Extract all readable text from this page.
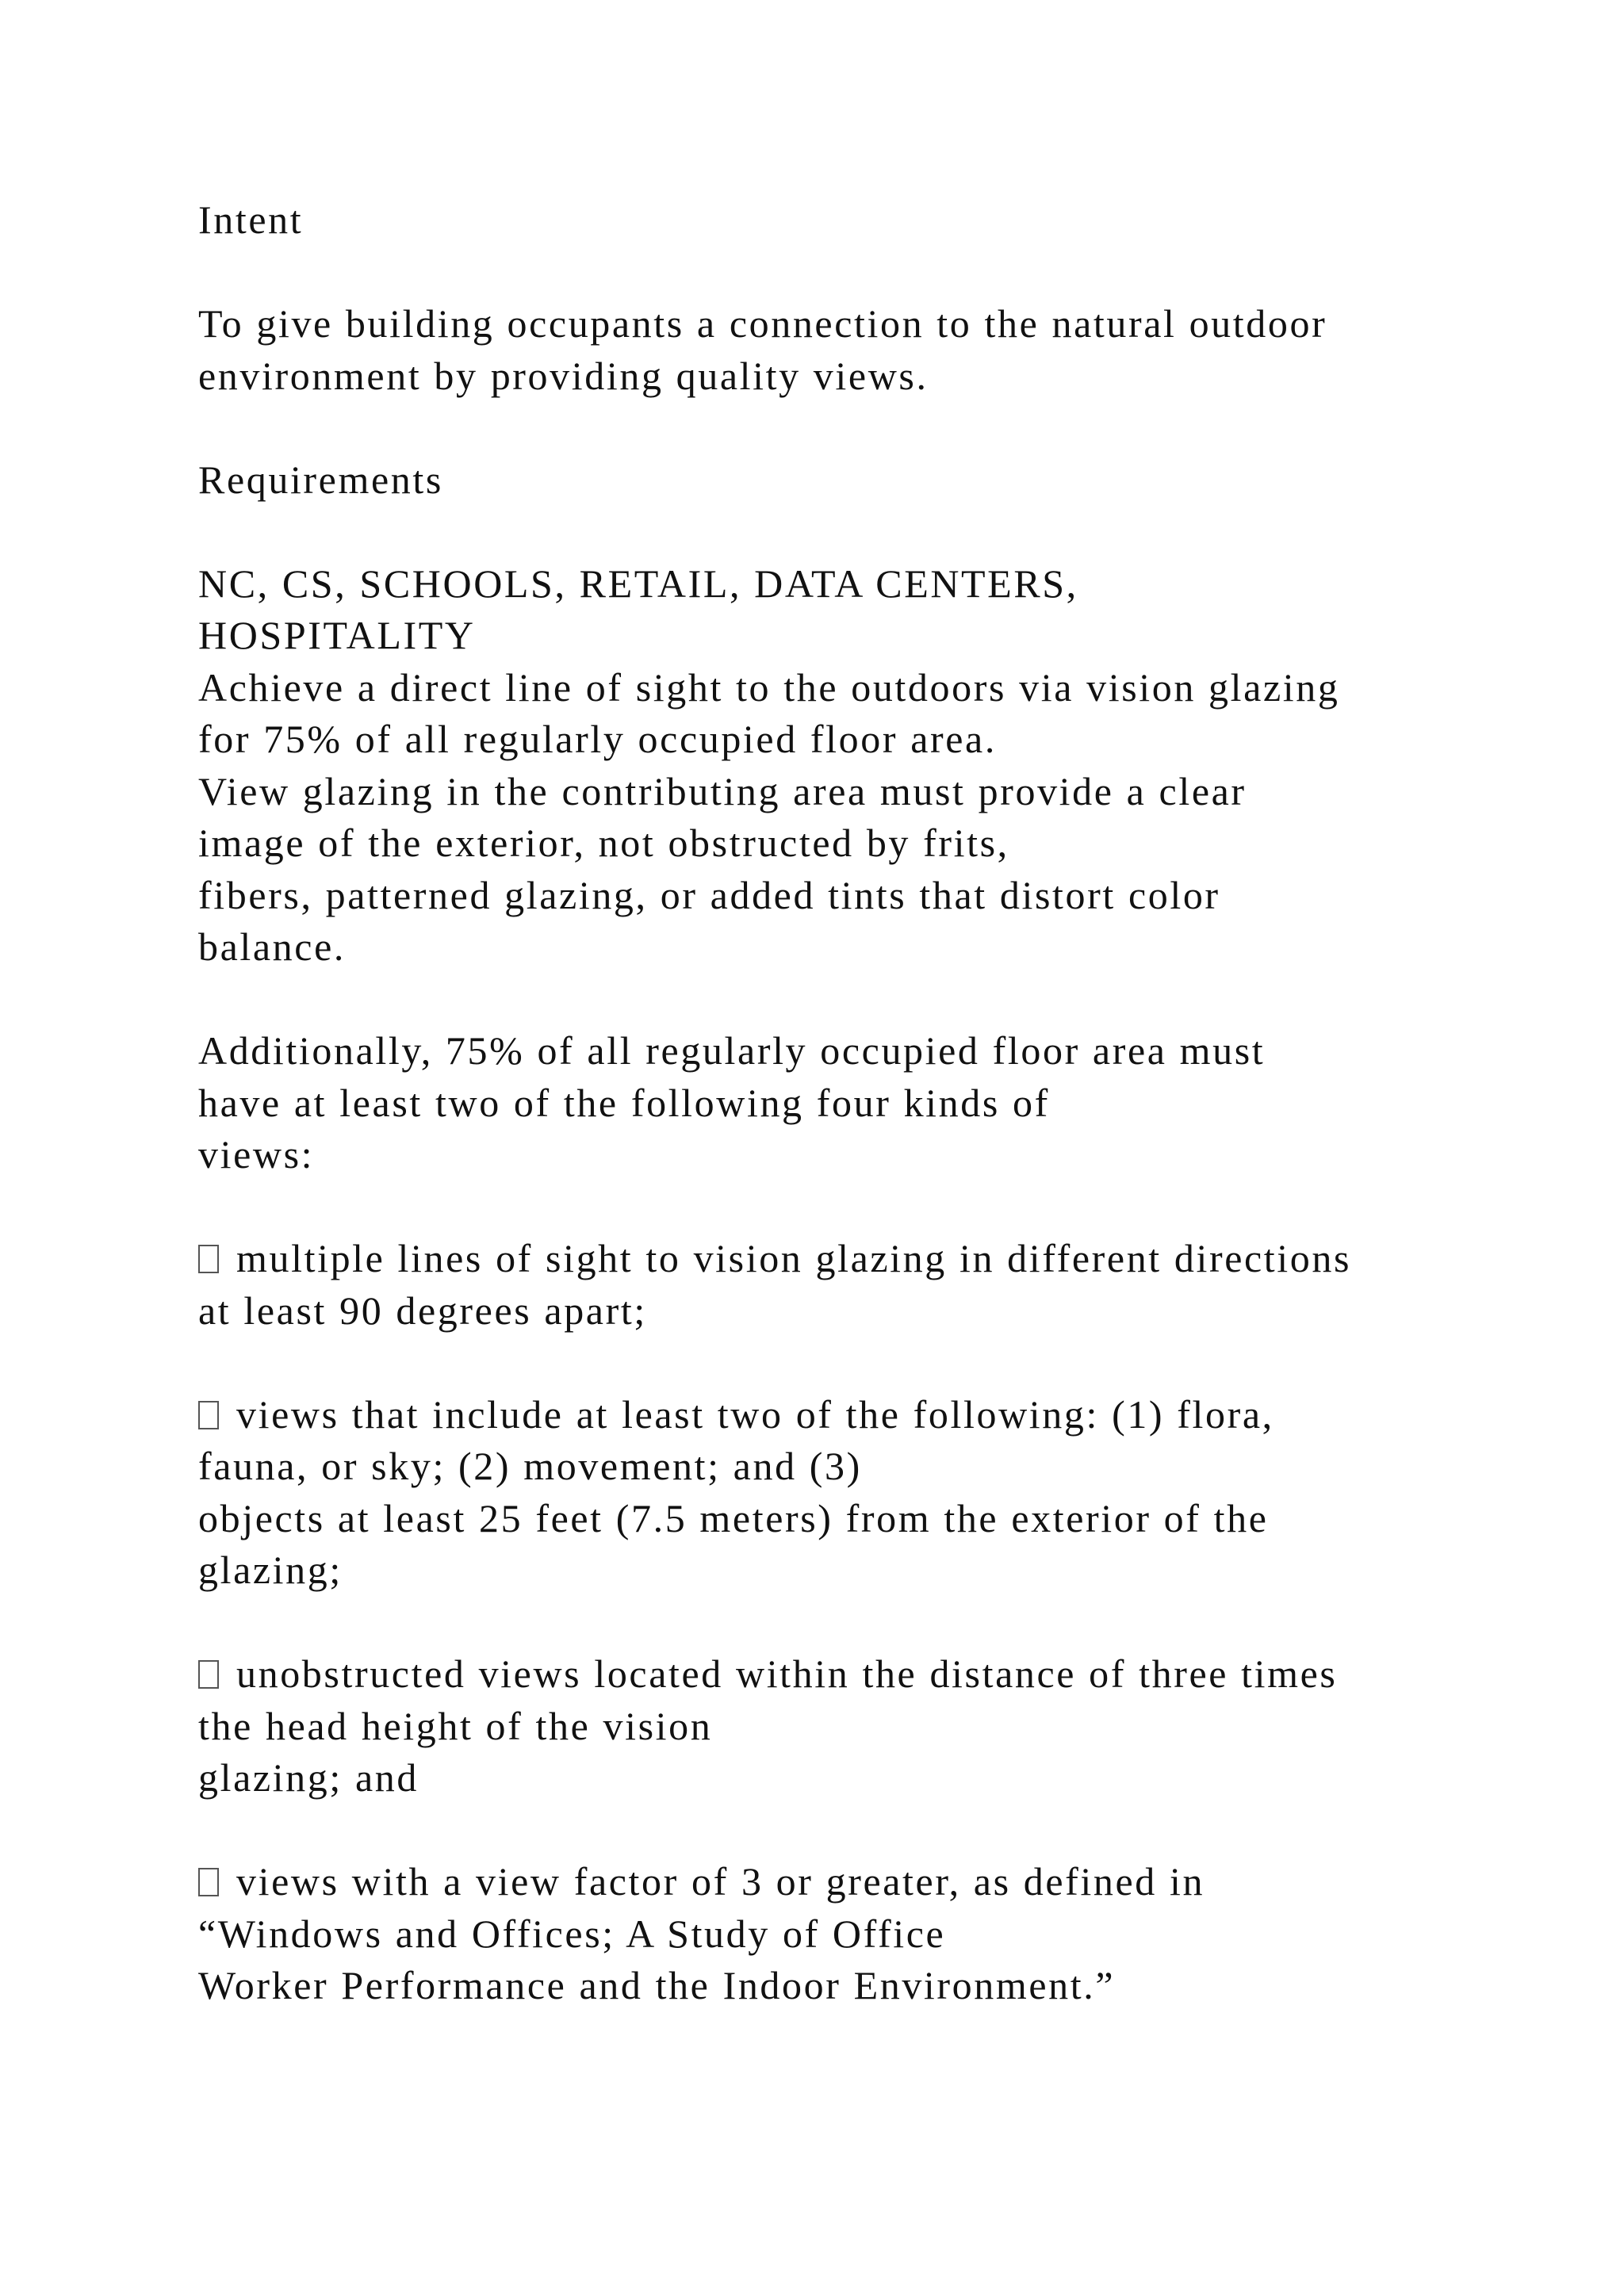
Intent
To give building occupants a connection to the natural outdoor
environment by providing quality views.
Requirements
NC, CS, SCHOOLS, RETAIL, DATA CENTERS,
HOSPITALITY
Achieve a direct line of sight to the outdoors via vision glazing
for 75% of all regularly occupied floor area.
View glazing in the contributing area must provide a clear
image of the exterior, not obstructed by frits,
fibers, patterned glazing, or added tints that distort color
balance.
Additionally, 75% of all regularly occupied floor area must
have at least two of the following four kinds of
views:
multiple lines of sight to vision glazing in different directions
at least 90 degrees apart;
views that include at least two of the following: (1) flora,
fauna, or sky; (2) movement; and (3)
objects at least 25 feet (7.5 meters) from the exterior of the
glazing;
unobstructed views located within the distance of three times
the head height of the vision
glazing; and
views with a view factor of 3 or greater, as defined in
“Windows and Offices; A Study of Office
Worker Performance and the Indoor Environment.”
